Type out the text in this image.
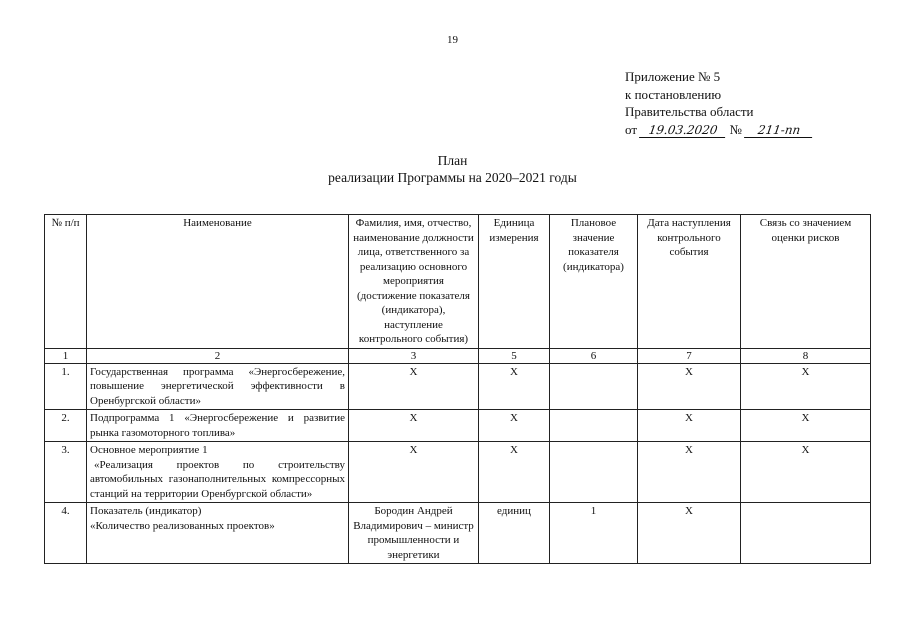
19
Приложение № 5
к постановлению
Правительства области
от 19.03.2020 № 211-пп
План
реализации Программы на 2020–2021 годы
№ п/п	Наименование	Фамилия, имя, отчество, наименование должности лица, ответственного за реализацию основного мероприятия (достижение показателя (индикатора), наступление контрольного события)	Единица измерения	Плановое значение показателя (индикатора)	Дата наступления контрольного события	Связь со значением оценки рисков
1	2	3	5	6	7	8
1.	Государственная программа «Энергосбережение, повышение энергетической эффективности в Оренбургской области»	X	X		X	X
2.	Подпрограмма 1 «Энергосбережение и развитие рынка газомоторного топлива»	X	X		X	X
3.	Основное мероприятие 1
«Реализация проектов по строительству автомобильных газонаполнительных компрессорных станций на территории Оренбургской области»	X	X		X	X
4.	Показатель (индикатор)
«Количество реализованных проектов»	Бородин Андрей Владимирович – министр промышленности и энергетики	единиц	1	X	
